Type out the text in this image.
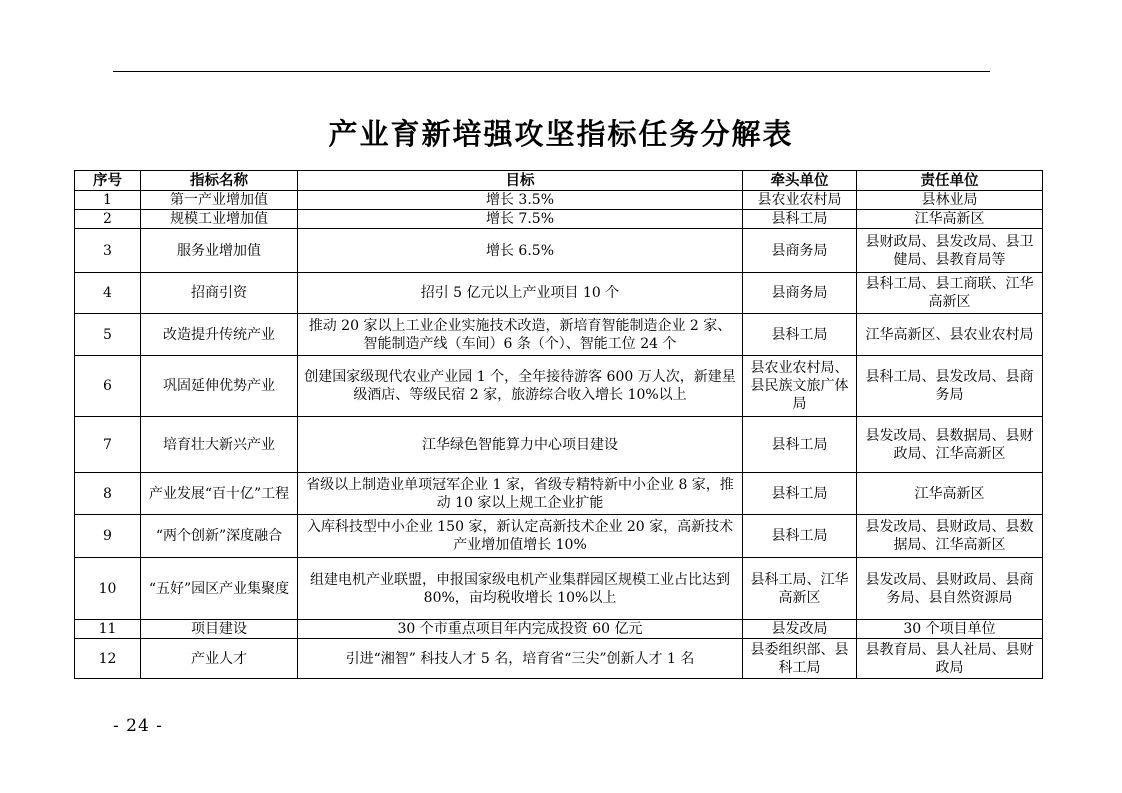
产业育新培强攻坚指标任务分解表
序号	指标名称	目标	牵头单位	责任单位
1	第一产业增加值	增长 3.5%	县农业农村局	县林业局
2	规模工业增加值	增长 7.5%	县科工局	江华高新区
3	服务业增加值	增长 6.5%	县商务局	县财政局、县发改局、县卫健局、县教育局等
4	招商引资	招引 5 亿元以上产业项目 10 个	县商务局	县科工局、县工商联、江华高新区
5	改造提升传统产业	推动 20 家以上工业企业实施技术改造，新培育智能制造企业 2 家、智能制造产线（车间）6 条（个）、智能工位 24 个	县科工局	江华高新区、县农业农村局
6	巩固延伸优势产业	创建国家级现代农业产业园 1 个，全年接待游客 600 万人次，新建星级酒店、等级民宿 2 家，旅游综合收入增长 10%以上	县农业农村局、县民族文旅广体局	县科工局、县发改局、县商务局
7	培育壮大新兴产业	江华绿色智能算力中心项目建设	县科工局	县发改局、县数据局、县财政局、江华高新区
8	产业发展“百十亿”工程	省级以上制造业单项冠军企业 1 家，省级专精特新中小企业 8 家，推动 10 家以上规工企业扩能	县科工局	江华高新区
9	“两个创新”深度融合	入库科技型中小企业 150 家，新认定高新技术企业 20 家，高新技术产业增加值增长 10%	县科工局	县发改局、县财政局、县数据局、江华高新区
10	“五好”园区产业集聚度	组建电机产业联盟，申报国家级电机产业集群园区规模工业占比达到 80%，亩均税收增长 10%以上	县科工局、江华高新区	县发改局、县财政局、县商务局、县自然资源局
11	项目建设	30 个市重点项目年内完成投资 60 亿元	县发改局	30 个项目单位
12	产业人才	引进“湘智” 科技人才 5 名，培育省“三尖”创新人才 1 名	县委组织部、县科工局	县教育局、县人社局、县财政局
- 24 -
